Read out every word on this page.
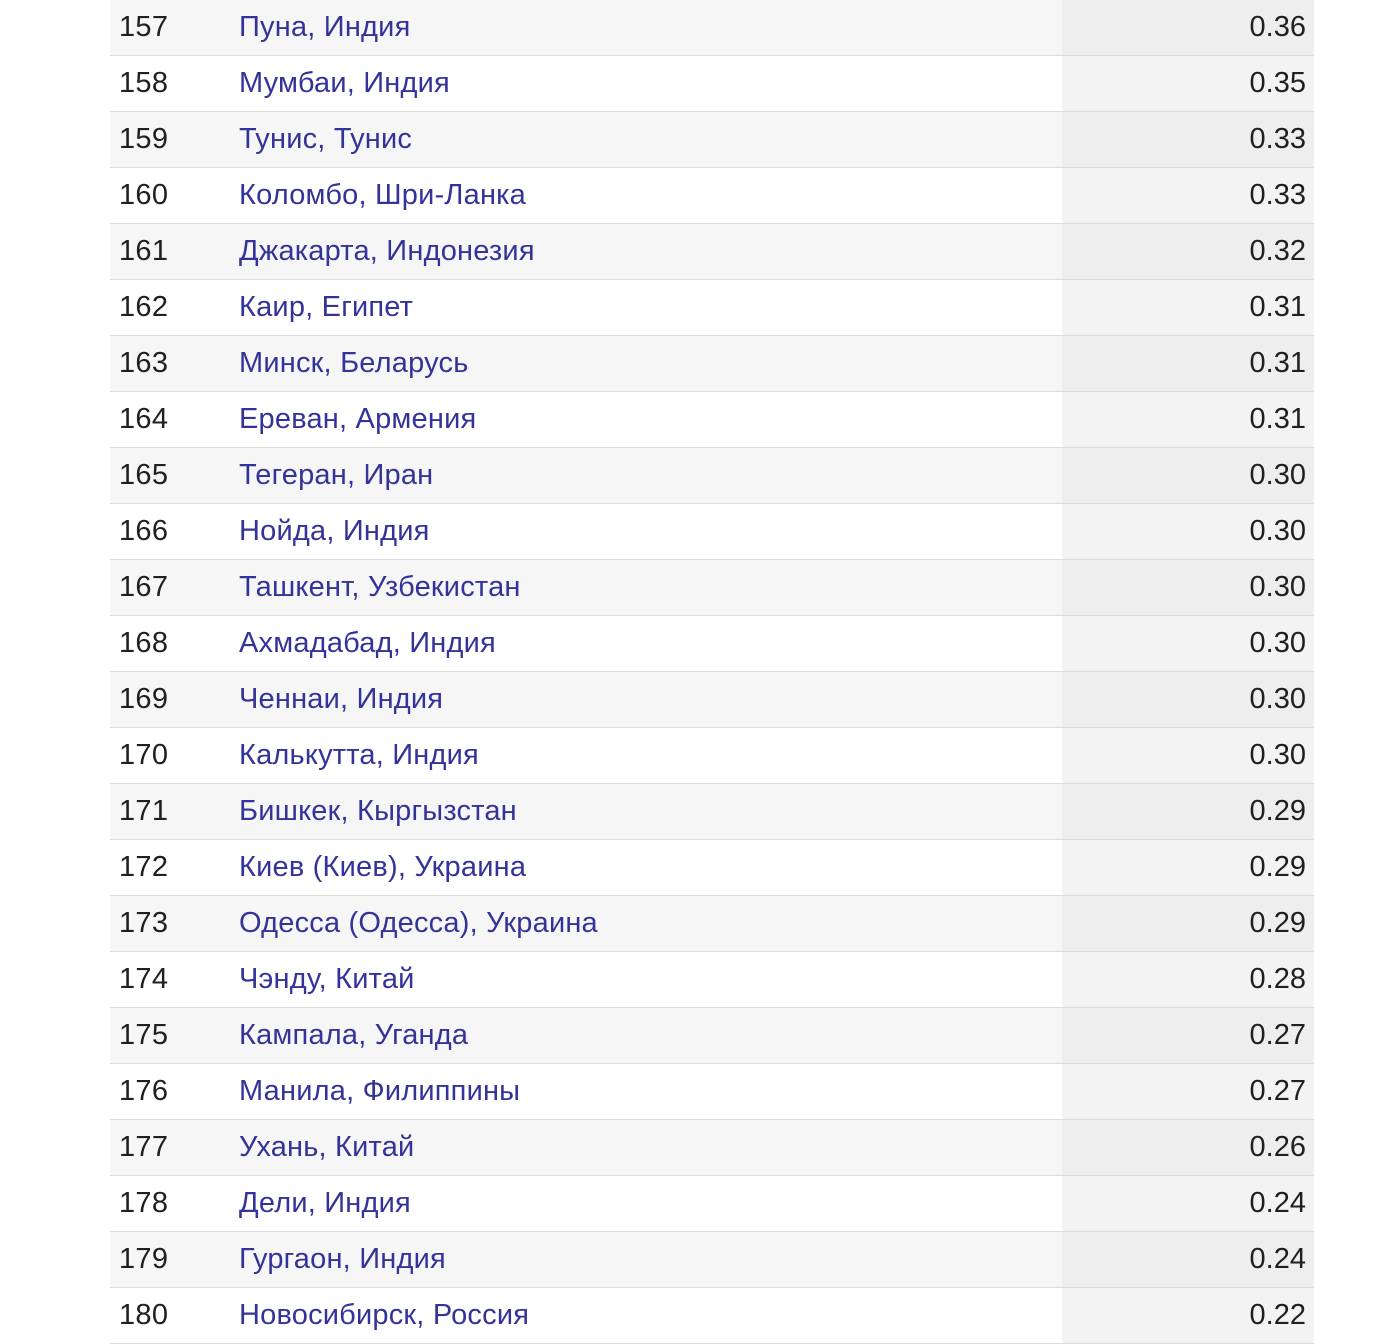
157 Пуна, Индия	0.36
158 Мумбаи, Индия	0.35
159 Тунис, Тунис	0.33
160 Коломбо, Шри-Ланка	0.33
161 Джакарта, Индонезия	0.32
162 Каир, Египет	0.31
163 Минск, Беларусь	0.31
164 Ереван, Армения	0.31
165 Тегеран, Иран	0.30
166 Нойда, Индия	0.30
167 Ташкент, Узбекистан	0.30
168 Ахмадабад, Индия	0.30
169 Ченнаи, Индия	0.30
170 Калькутта, Индия	0.30
171 Бишкек, Кыргызстан	0.29
172 Киев (Киев), Украина	0.29
173 Одесса (Одесса), Украина	0.29
174 Чэнду, Китай	0.28
175 Кампала, Уганда	0.27
176 Манила, Филиппины	0.27
177 Ухань, Китай	0.26
178 Дели, Индия	0.24
179 Гургаон, Индия	0.24
180 Новосибирск, Россия	0.22
